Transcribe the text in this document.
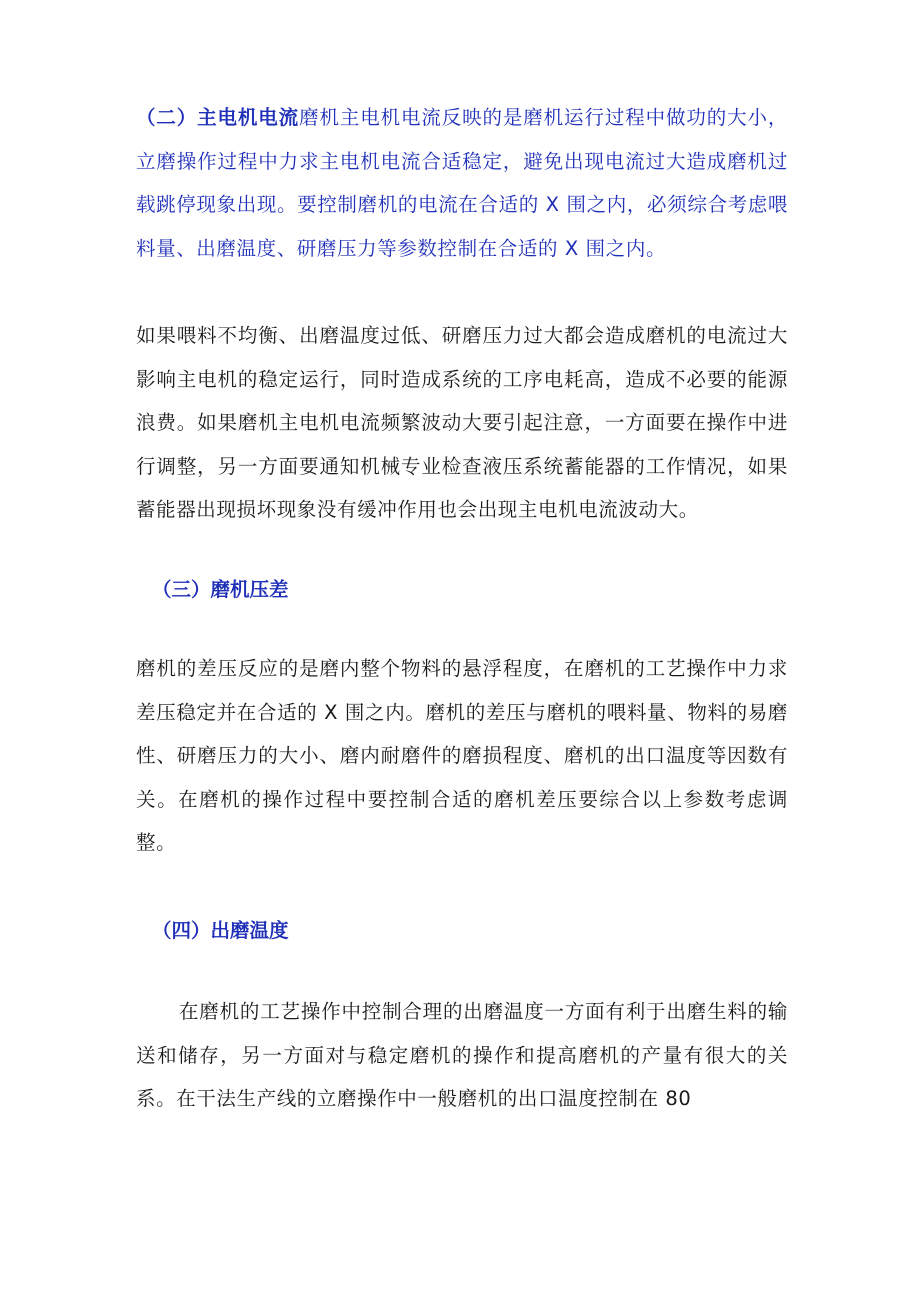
（二）主电机电流磨机主电机电流反映的是磨机运行过程中做功的大小，立磨操作过程中力求主电机电流合适稳定，避免出现电流过大造成磨机过载跳停现象出现。要控制磨机的电流在合适的 X 围之内，必须综合考虑喂料量、出磨温度、研磨压力等参数控制在合适的 X 围之内。

如果喂料不均衡、出磨温度过低、研磨压力过大都会造成磨机的电流过大影响主电机的稳定运行，同时造成系统的工序电耗高，造成不必要的能源浪费。如果磨机主电机电流频繁波动大要引起注意，一方面要在操作中进行调整，另一方面要通知机械专业检查液压系统蓄能器的工作情况，如果蓄能器出现损坏现象没有缓冲作用也会出现主电机电流波动大。

（三）磨机压差

磨机的差压反应的是磨内整个物料的悬浮程度，在磨机的工艺操作中力求差压稳定并在合适的 X 围之内。磨机的差压与磨机的喂料量、物料的易磨性、研磨压力的大小、磨内耐磨件的磨损程度、磨机的出口温度等因数有关。在磨机的操作过程中要控制合适的磨机差压要综合以上参数考虑调整。

（四）出磨温度

在磨机的工艺操作中控制合理的出磨温度一方面有利于出磨生料的输送和储存，另一方面对与稳定磨机的操作和提高磨机的产量有很大的关系。在干法生产线的立磨操作中一般磨机的出口温度控制在 80
